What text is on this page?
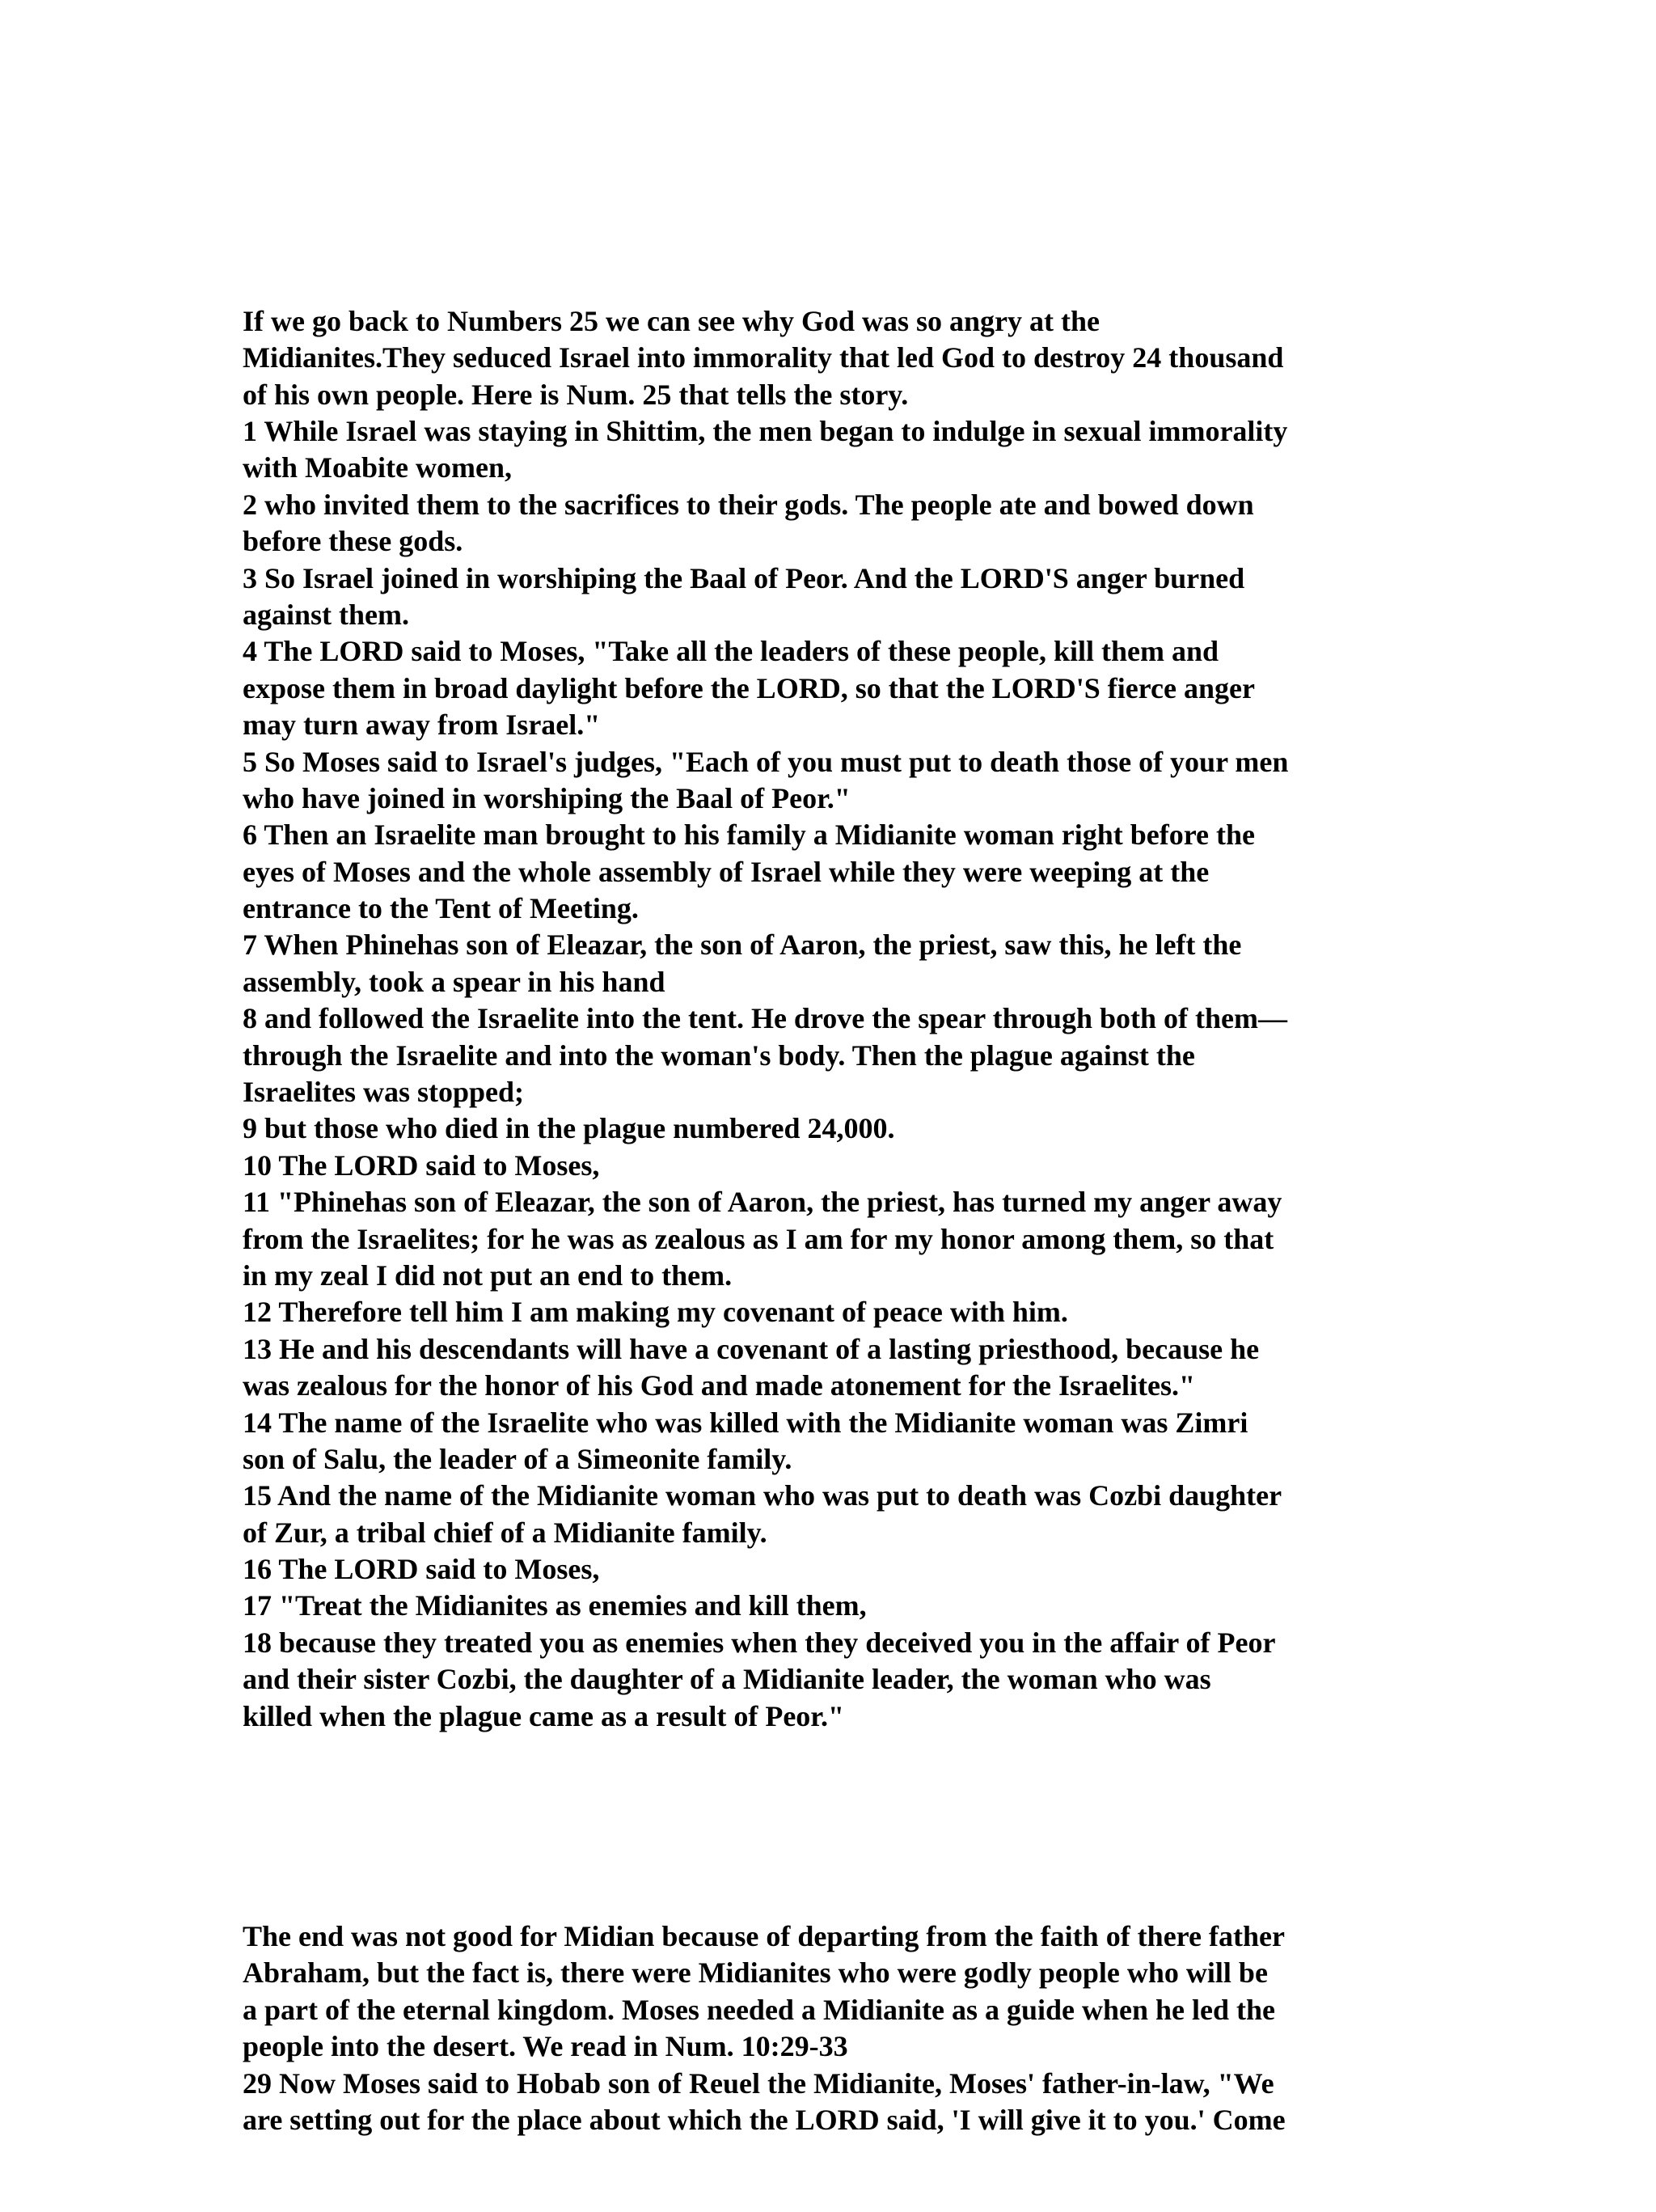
If we go back to Numbers 25 we can see why God was so angry at the
Midianites.They seduced Israel into immorality that led God to destroy 24 thousand
of his own people. Here is Num. 25 that tells the story.
1 While Israel was staying in Shittim, the men began to indulge in sexual immorality
with Moabite women,
2 who invited them to the sacrifices to their gods. The people ate and bowed down
before these gods.
3 So Israel joined in worshiping the Baal of Peor. And the LORD'S anger burned
against them.
4 The LORD said to Moses, "Take all the leaders of these people, kill them and
expose them in broad daylight before the LORD, so that the LORD'S fierce anger
may turn away from Israel."
5 So Moses said to Israel's judges, "Each of you must put to death those of your men
who have joined in worshiping the Baal of Peor."
6 Then an Israelite man brought to his family a Midianite woman right before the
eyes of Moses and the whole assembly of Israel while they were weeping at the
entrance to the Tent of Meeting.
7 When Phinehas son of Eleazar, the son of Aaron, the priest, saw this, he left the
assembly, took a spear in his hand
8 and followed the Israelite into the tent. He drove the spear through both of them—
through the Israelite and into the woman's body. Then the plague against the
Israelites was stopped;
9 but those who died in the plague numbered 24,000.
10 The LORD said to Moses,
11 "Phinehas son of Eleazar, the son of Aaron, the priest, has turned my anger away
from the Israelites; for he was as zealous as I am for my honor among them, so that
in my zeal I did not put an end to them.
12 Therefore tell him I am making my covenant of peace with him.
13 He and his descendants will have a covenant of a lasting priesthood, because he
was zealous for the honor of his God and made atonement for the Israelites."
14 The name of the Israelite who was killed with the Midianite woman was Zimri
son of Salu, the leader of a Simeonite family.
15 And the name of the Midianite woman who was put to death was Cozbi daughter
of Zur, a tribal chief of a Midianite family.
16 The LORD said to Moses,
17 "Treat the Midianites as enemies and kill them,
18 because they treated you as enemies when they deceived you in the affair of Peor
and their sister Cozbi, the daughter of a Midianite leader, the woman who was
killed when the plague came as a result of Peor."

The end was not good for Midian because of departing from the faith of there father
Abraham, but the fact is, there were Midianites who were godly people who will be
a part of the eternal kingdom. Moses needed a Midianite as a guide when he led the
people into the desert. We read in Num. 10:29-33
29 Now Moses said to Hobab son of Reuel the Midianite, Moses' father-in-law, "We
are setting out for the place about which the LORD said, 'I will give it to you.' Come
